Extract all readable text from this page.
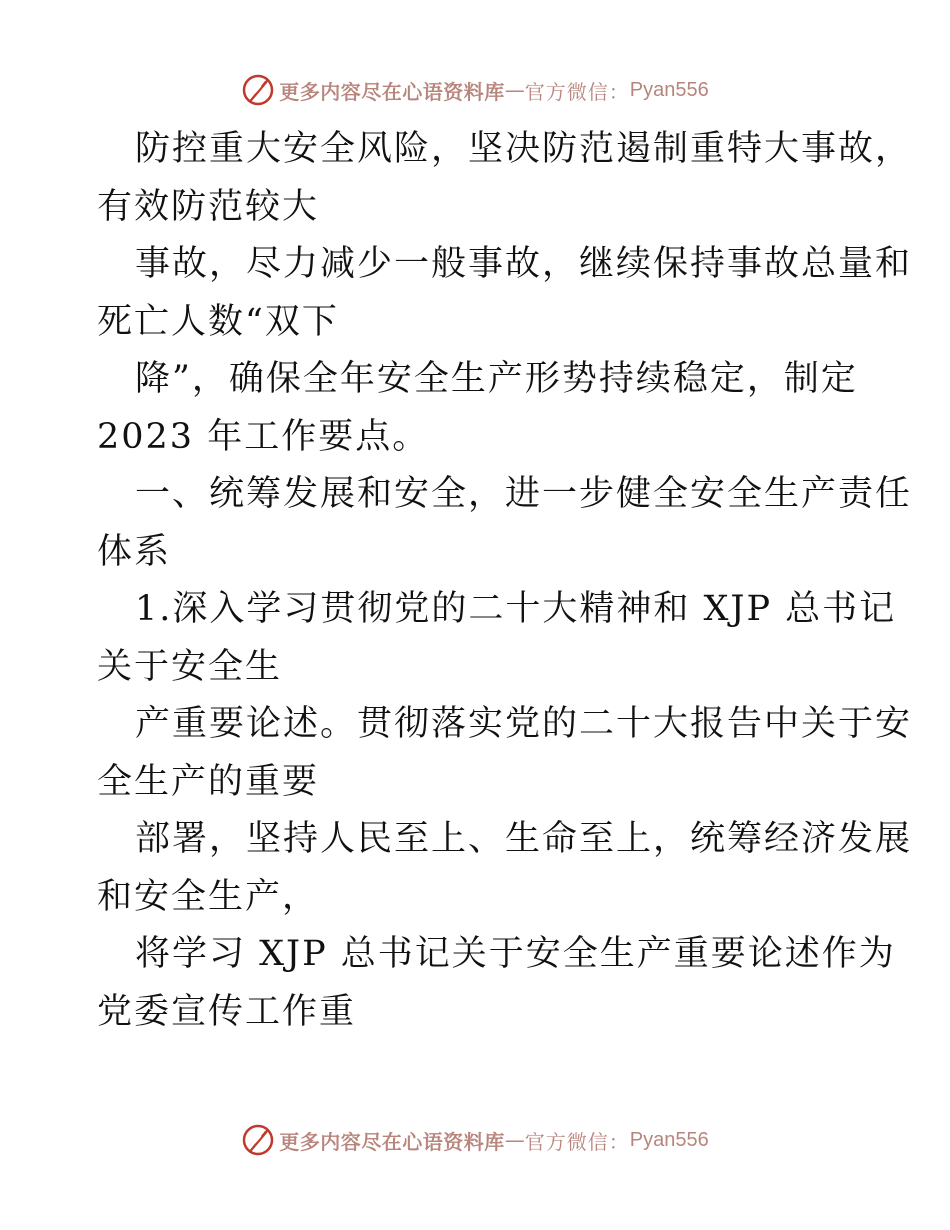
更多内容尽在心语资料库 — 官方微信： Pyan556
防控重大安全风险，坚决防范遏制重特大事故，
有效防范较大
事故，尽力减少一般事故，继续保持事故总量和
死亡人数“双下
降”，确保全年安全生产形势持续稳定，制定
2023 年工作要点。
一、统筹发展和安全，进一步健全安全生产责任
体系
1.深入学习贯彻党的二十大精神和 XJP 总书记
关于安全生
产重要论述。贯彻落实党的二十大报告中关于安
全生产的重要
部署，坚持人民至上、生命至上，统筹经济发展
和安全生产，
将学习 XJP 总书记关于安全生产重要论述作为
党委宣传工作重
更多内容尽在心语资料库 — 官方微信： Pyan556
